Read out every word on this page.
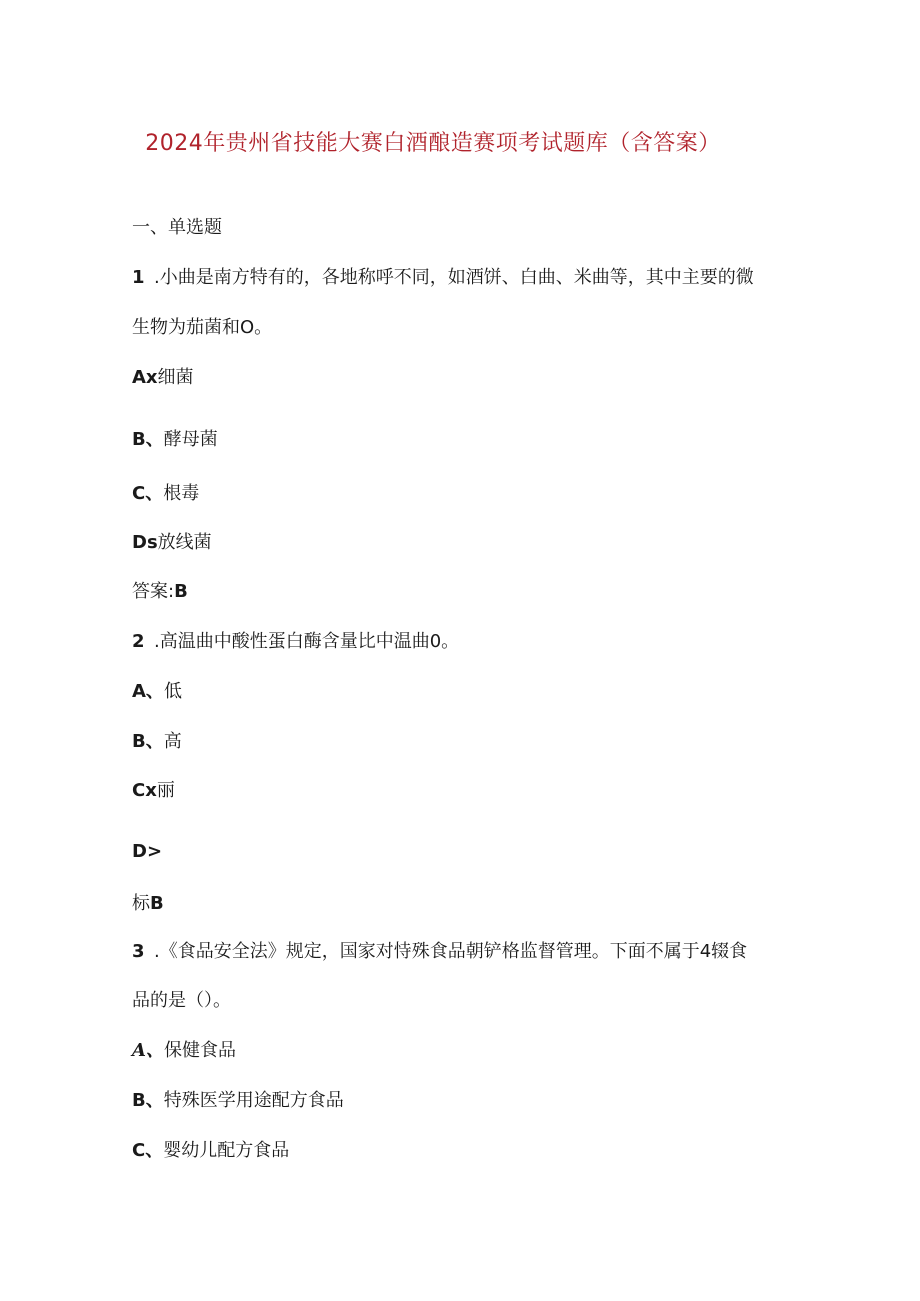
2024年贵州省技能大赛白酒酿造赛项考试题库（含答案）
一、单选题
1 .小曲是南方特有的，各地称呼不同，如酒饼、白曲、米曲等，其中主要的微
生物为茄菌和O。
Ax细菌
B、酵母菌
C、根毒
Ds放线菌
答案:B
2 .高温曲中酸性蛋白酶含量比中温曲0。
A、低
B、高
Cx丽
D>
标B
3 .《食品安全法》规定，国家对恃殊食品朝铲格监督管理。下面不属于4辍食
品的是（）。
A、保健食品
B、特殊医学用途配方食品
C、婴幼儿配方食品
